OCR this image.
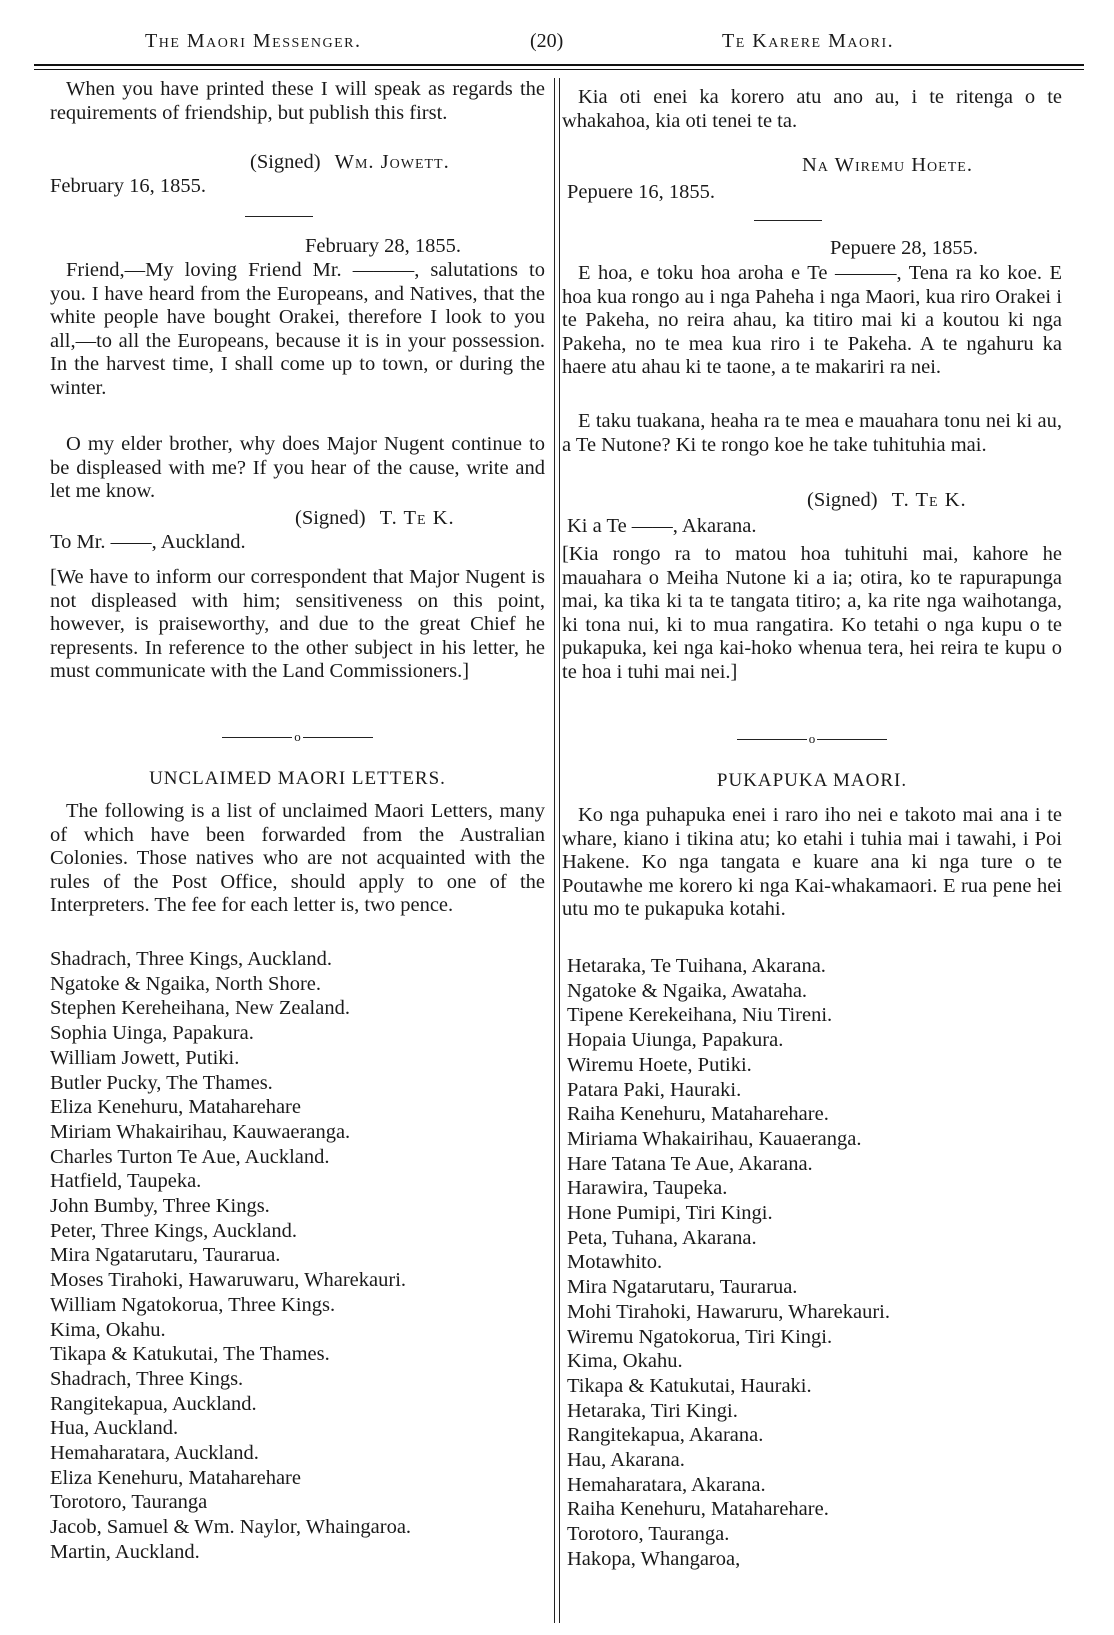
The Maori Messenger.	(20)	Te Karere Maori.

When you have printed these I will speak as regards the requirements of friendship, but publish this first.

(Signed) Wm. Jowett.
February 16, 1855.
February 28, 1855.

Friend,—My loving Friend Mr. ———, salutations to you. I have heard from the Europeans, and Natives, that the white people have bought Orakei, therefore I look to you all,—to all the Europeans, because it is in your possession. In the harvest time, I shall come up to town, or during the winter.

O my elder brother, why does Major Nugent continue to be displeased with me? If you hear of the cause, write and let me know.

(Signed) T. Te K.
To Mr. ——, Auckland.

[We have to inform our correspondent that Major Nugent is not displeased with him; sensitiveness on this point, however, is praiseworthy, and due to the great Chief he represents. In reference to the other subject in his letter, he must communicate with the Land Commissioners.]

o
UNCLAIMED MAORI LETTERS.

The following is a list of unclaimed Maori Letters, many of which have been forwarded from the Australian Colonies. Those natives who are not acquainted with the rules of the Post Office, should apply to one of the Interpreters. The fee for each letter is, two pence.

Shadrach, Three Kings, Auckland.
Ngatoke & Ngaika, North Shore.
Stephen Kereheihana, New Zealand.
Sophia Uinga, Papakura.
William Jowett, Putiki.
Butler Pucky, The Thames.
Eliza Kenehuru, Mataharehare
Miriam Whakairihau, Kauwaeranga.
Charles Turton Te Aue, Auckland.
Hatfield, Taupeka.
John Bumby, Three Kings.
Peter, Three Kings, Auckland.
Mira Ngatarutaru, Taurarua.
Moses Tirahoki, Hawaruwaru, Wharekauri.
William Ngatokorua, Three Kings.
Kima, Okahu.
Tikapa & Katukutai, The Thames.
Shadrach, Three Kings.
Rangitekapua, Auckland.
Hua, Auckland.
Hemaharatara, Auckland.
Eliza Kenehuru, Mataharehare
Torotoro, Tauranga
Jacob, Samuel & Wm. Naylor, Whaingaroa.
Martin, Auckland.

Kia oti enei ka korero atu ano au, i te ritenga o te whakahoa, kia oti tenei te ta.

Na Wiremu Hoete.
Pepuere 16, 1855.
Pepuere 28, 1855.

E hoa, e toku hoa aroha e Te ———, Tena ra ko koe. E hoa kua rongo au i nga Paheha i nga Maori, kua riro Orakei i te Pakeha, no reira ahau, ka titiro mai ki a koutou ki nga Pakeha, no te mea kua riro i te Pakeha. A te ngahuru ka haere atu ahau ki te taone, a te makariri ra nei.

E taku tuakana, heaha ra te mea e mauahara tonu nei ki au, a Te Nutone? Ki te rongo koe he take tuhituhia mai.

(Signed) T. Te K.
Ki a Te ——, Akarana.

[Kia rongo ra to matou hoa tuhituhi mai, kahore he mauahara o Meiha Nutone ki a ia; otira, ko te rapurapunga mai, ka tika ki ta te tangata titiro; a, ka rite nga waihotanga, ki tona nui, ki to mua rangatira. Ko tetahi o nga kupu o te pukapuka, kei nga kai-hoko whenua tera, hei reira te kupu o te hoa i tuhi mai nei.]

o
PUKAPUKA MAORI.

Ko nga puhapuka enei i raro iho nei e takoto mai ana i te whare, kiano i tikina atu; ko etahi i tuhia mai i tawahi, i Poi Hakene. Ko nga tangata e kuare ana ki nga ture o te Poutawhe me korero ki nga Kai-whakamaori. E rua pene hei utu mo te pukapuka kotahi.

Hetaraka, Te Tuihana, Akarana.
Ngatoke & Ngaika, Awataha.
Tipene Kerekeihana, Niu Tireni.
Hopaia Uiunga, Papakura.
Wiremu Hoete, Putiki.
Patara Paki, Hauraki.
Raiha Kenehuru, Mataharehare.
Miriama Whakairihau, Kauaeranga.
Hare Tatana Te Aue, Akarana.
Harawira, Taupeka.
Hone Pumipi, Tiri Kingi.
Peta, Tuhana, Akarana.
Motawhito.
Mira Ngatarutaru, Taurarua.
Mohi Tirahoki, Hawaruru, Wharekauri.
Wiremu Ngatokorua, Tiri Kingi.
Kima, Okahu.
Tikapa & Katukutai, Hauraki.
Hetaraka, Tiri Kingi.
Rangitekapua, Akarana.
Hau, Akarana.
Hemaharatara, Akarana.
Raiha Kenehuru, Mataharehare.
Torotoro, Tauranga.
Hakopa, Whangaroa,
